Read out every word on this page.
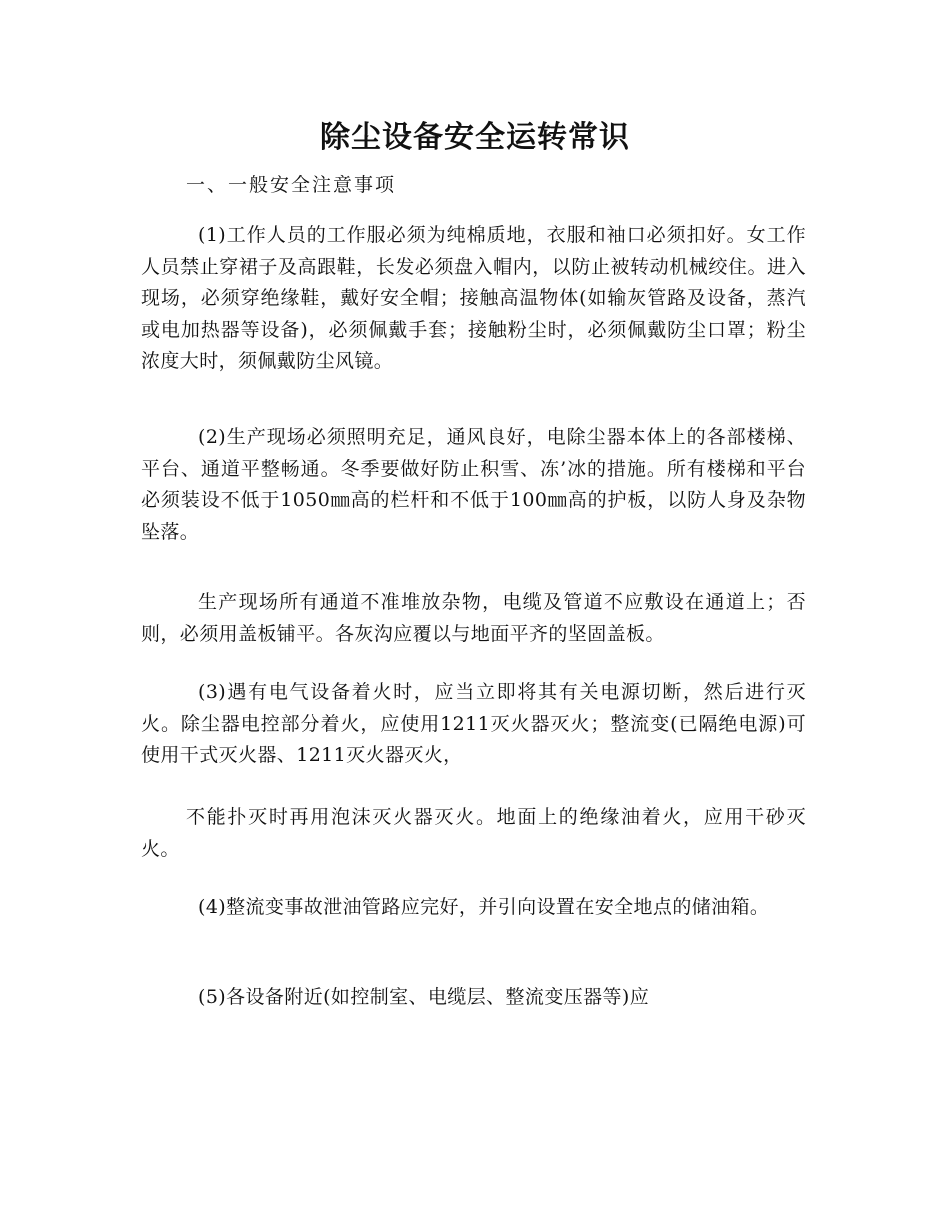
除尘设备安全运转常识

一、一般安全注意事项

(1)工作人员的工作服必须为纯棉质地，衣服和袖口必须扣好。女工作人员禁止穿裙子及高跟鞋，长发必须盘入帽内，以防止被转动机械绞住。进入现场，必须穿绝缘鞋，戴好安全帽；接触高温物体(如输灰管路及设备，蒸汽或电加热器等设备)，必须佩戴手套；接触粉尘时，必须佩戴防尘口罩；粉尘浓度大时，须佩戴防尘风镜。

(2)生产现场必须照明充足，通风良好，电除尘器本体上的各部楼梯、平台、通道平整畅通。冬季要做好防止积雪、冻’冰的措施。所有楼梯和平台必须装设不低于1050㎜高的栏杆和不低于100㎜高的护板，以防人身及杂物坠落。

生产现场所有通道不准堆放杂物，电缆及管道不应敷设在通道上；否则，必须用盖板铺平。各灰沟应覆以与地面平齐的坚固盖板。

(3)遇有电气设备着火时，应当立即将其有关电源切断，然后进行灭火。除尘器电控部分着火，应使用1211灭火器灭火；整流变(已隔绝电源)可使用干式灭火器、1211灭火器灭火，

不能扑灭时再用泡沫灭火器灭火。地面上的绝缘油着火，应用干砂灭火。

(4)整流变事故泄油管路应完好，并引向设置在安全地点的储油箱。

(5)各设备附近(如控制室、电缆层、整流变压器等)应
